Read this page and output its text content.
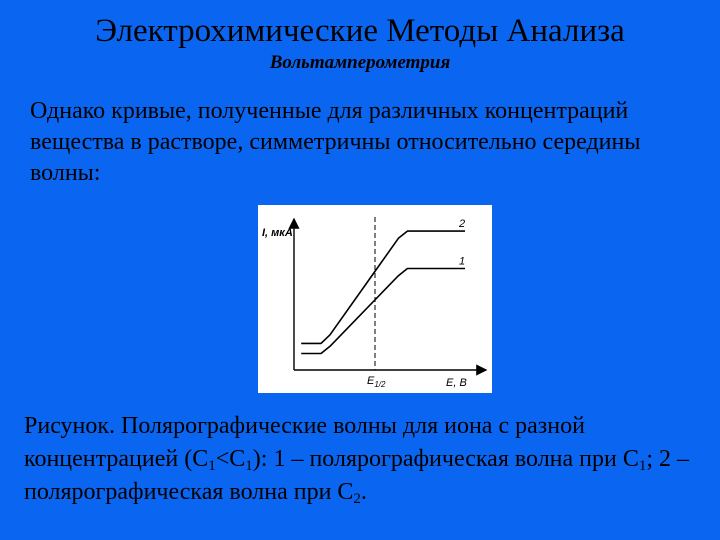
Электрохимические Методы Анализа
Вольтамперометрия
Однако кривые, полученные для различных концентраций вещества в растворе, симметричны относительно середины волны:
1
2
I, мкА
$E_{1/2}$	E, B
Рисунок. Полярографические волны для иона с разной концентрацией $(C_1<C_1)$: 1 – полярографическая волна при $C_1$; 2 – полярографическая волна при $C_2$.
